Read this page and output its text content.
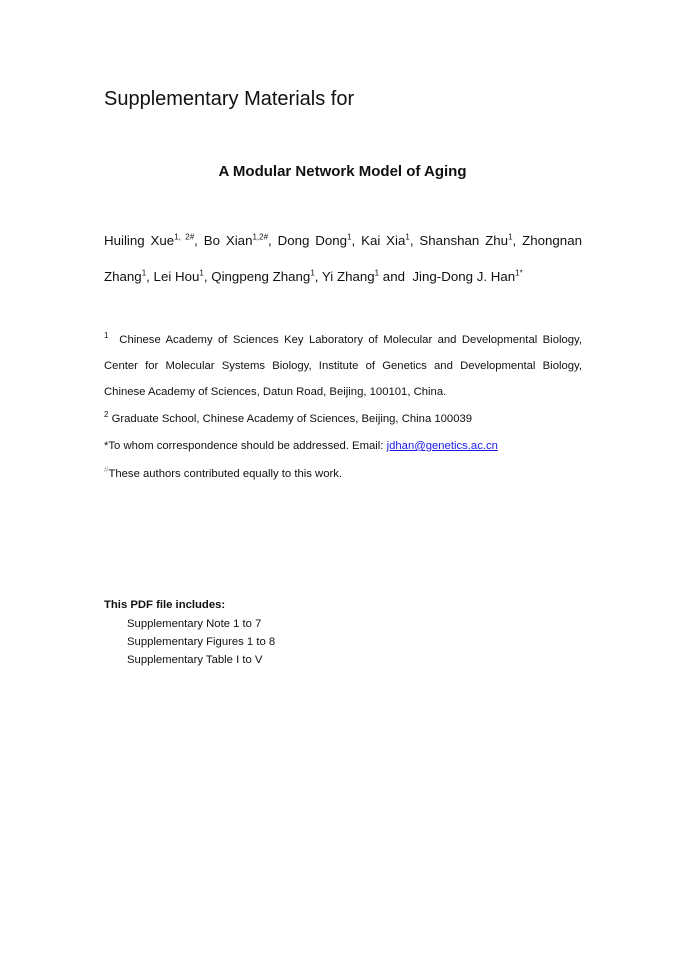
Supplementary Materials for
A Modular Network Model of Aging
Huiling Xue$^{1, 2\#}$, Bo Xian$^{1,2\#}$, Dong Dong$^1$, Kai Xia$^1$, Shanshan Zhu$^1$, Zhongnan
Zhang$^1$, Lei Hou$^1$, Qingpeng Zhang$^1$, Yi Zhang$^1$ and  Jing-Dong J. Han$^{1*}$
$^1$ Chinese Academy of Sciences Key Laboratory of Molecular and Developmental Biology,
Center for Molecular Systems Biology, Institute of Genetics and Developmental Biology,
Chinese Academy of Sciences, Datun Road, Beijing, 100101, China.
$^2$ Graduate School, Chinese Academy of Sciences, Beijing, China 100039
*To whom correspondence should be addressed. Email: jdhan@genetics.ac.cn
#These authors contributed equally to this work.
This PDF file includes:
Supplementary Note 1 to 7
Supplementary Figures 1 to 8
Supplementary Table I to V
